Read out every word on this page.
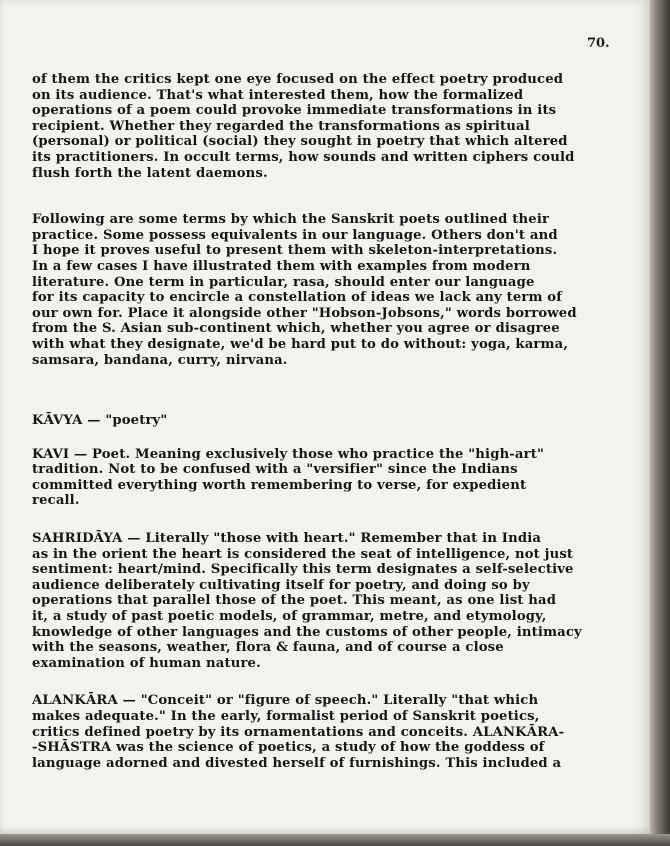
70.

of them the critics kept one eye focused on the effect poetry produced
on its audience. That's what interested them, how the formalized
operations of a poem could provoke immediate transformations in its
recipient. Whether they regarded the transformations as spiritual
(personal) or political (social) they sought in poetry that which altered
its practitioners. In occult terms, how sounds and written ciphers could
flush forth the latent daemons.

Following are some terms by which the Sanskrit poets outlined their
practice. Some possess equivalents in our language. Others don't and
I hope it proves useful to present them with skeleton-interpretations.
In a few cases I have illustrated them with examples from modern
literature. One term in particular, rasa, should enter our language
for its capacity to encircle a constellation of ideas we lack any term of
our own for. Place it alongside other "Hobson-Jobsons," words borrowed
from the S. Asian sub-continent which, whether you agree or disagree
with what they designate, we'd be hard put to do without: yoga, karma,
samsara, bandana, curry, nirvana.

KĀVYA — "poetry"

KAVI — Poet. Meaning exclusively those who practice the "high-art"
tradition. Not to be confused with a "versifier" since the Indians
committed everything worth remembering to verse, for expedient
recall.

SAHRIDĀYA — Literally "those with heart." Remember that in India
as in the orient the heart is considered the seat of intelligence, not just
sentiment: heart/mind. Specifically this term designates a self-selective
audience deliberately cultivating itself for poetry, and doing so by
operations that parallel those of the poet. This meant, as one list had
it, a study of past poetic models, of grammar, metre, and etymology,
knowledge of other languages and the customs of other people, intimacy
with the seasons, weather, flora & fauna, and of course a close
examination of human nature.

ALANKĀRA — "Conceit" or "figure of speech." Literally "that which
makes adequate." In the early, formalist period of Sanskrit poetics,
critics defined poetry by its ornamentations and conceits. ALANKĀRA-
-SHĀSTRA was the science of poetics, a study of how the goddess of
language adorned and divested herself of furnishings. This included a
